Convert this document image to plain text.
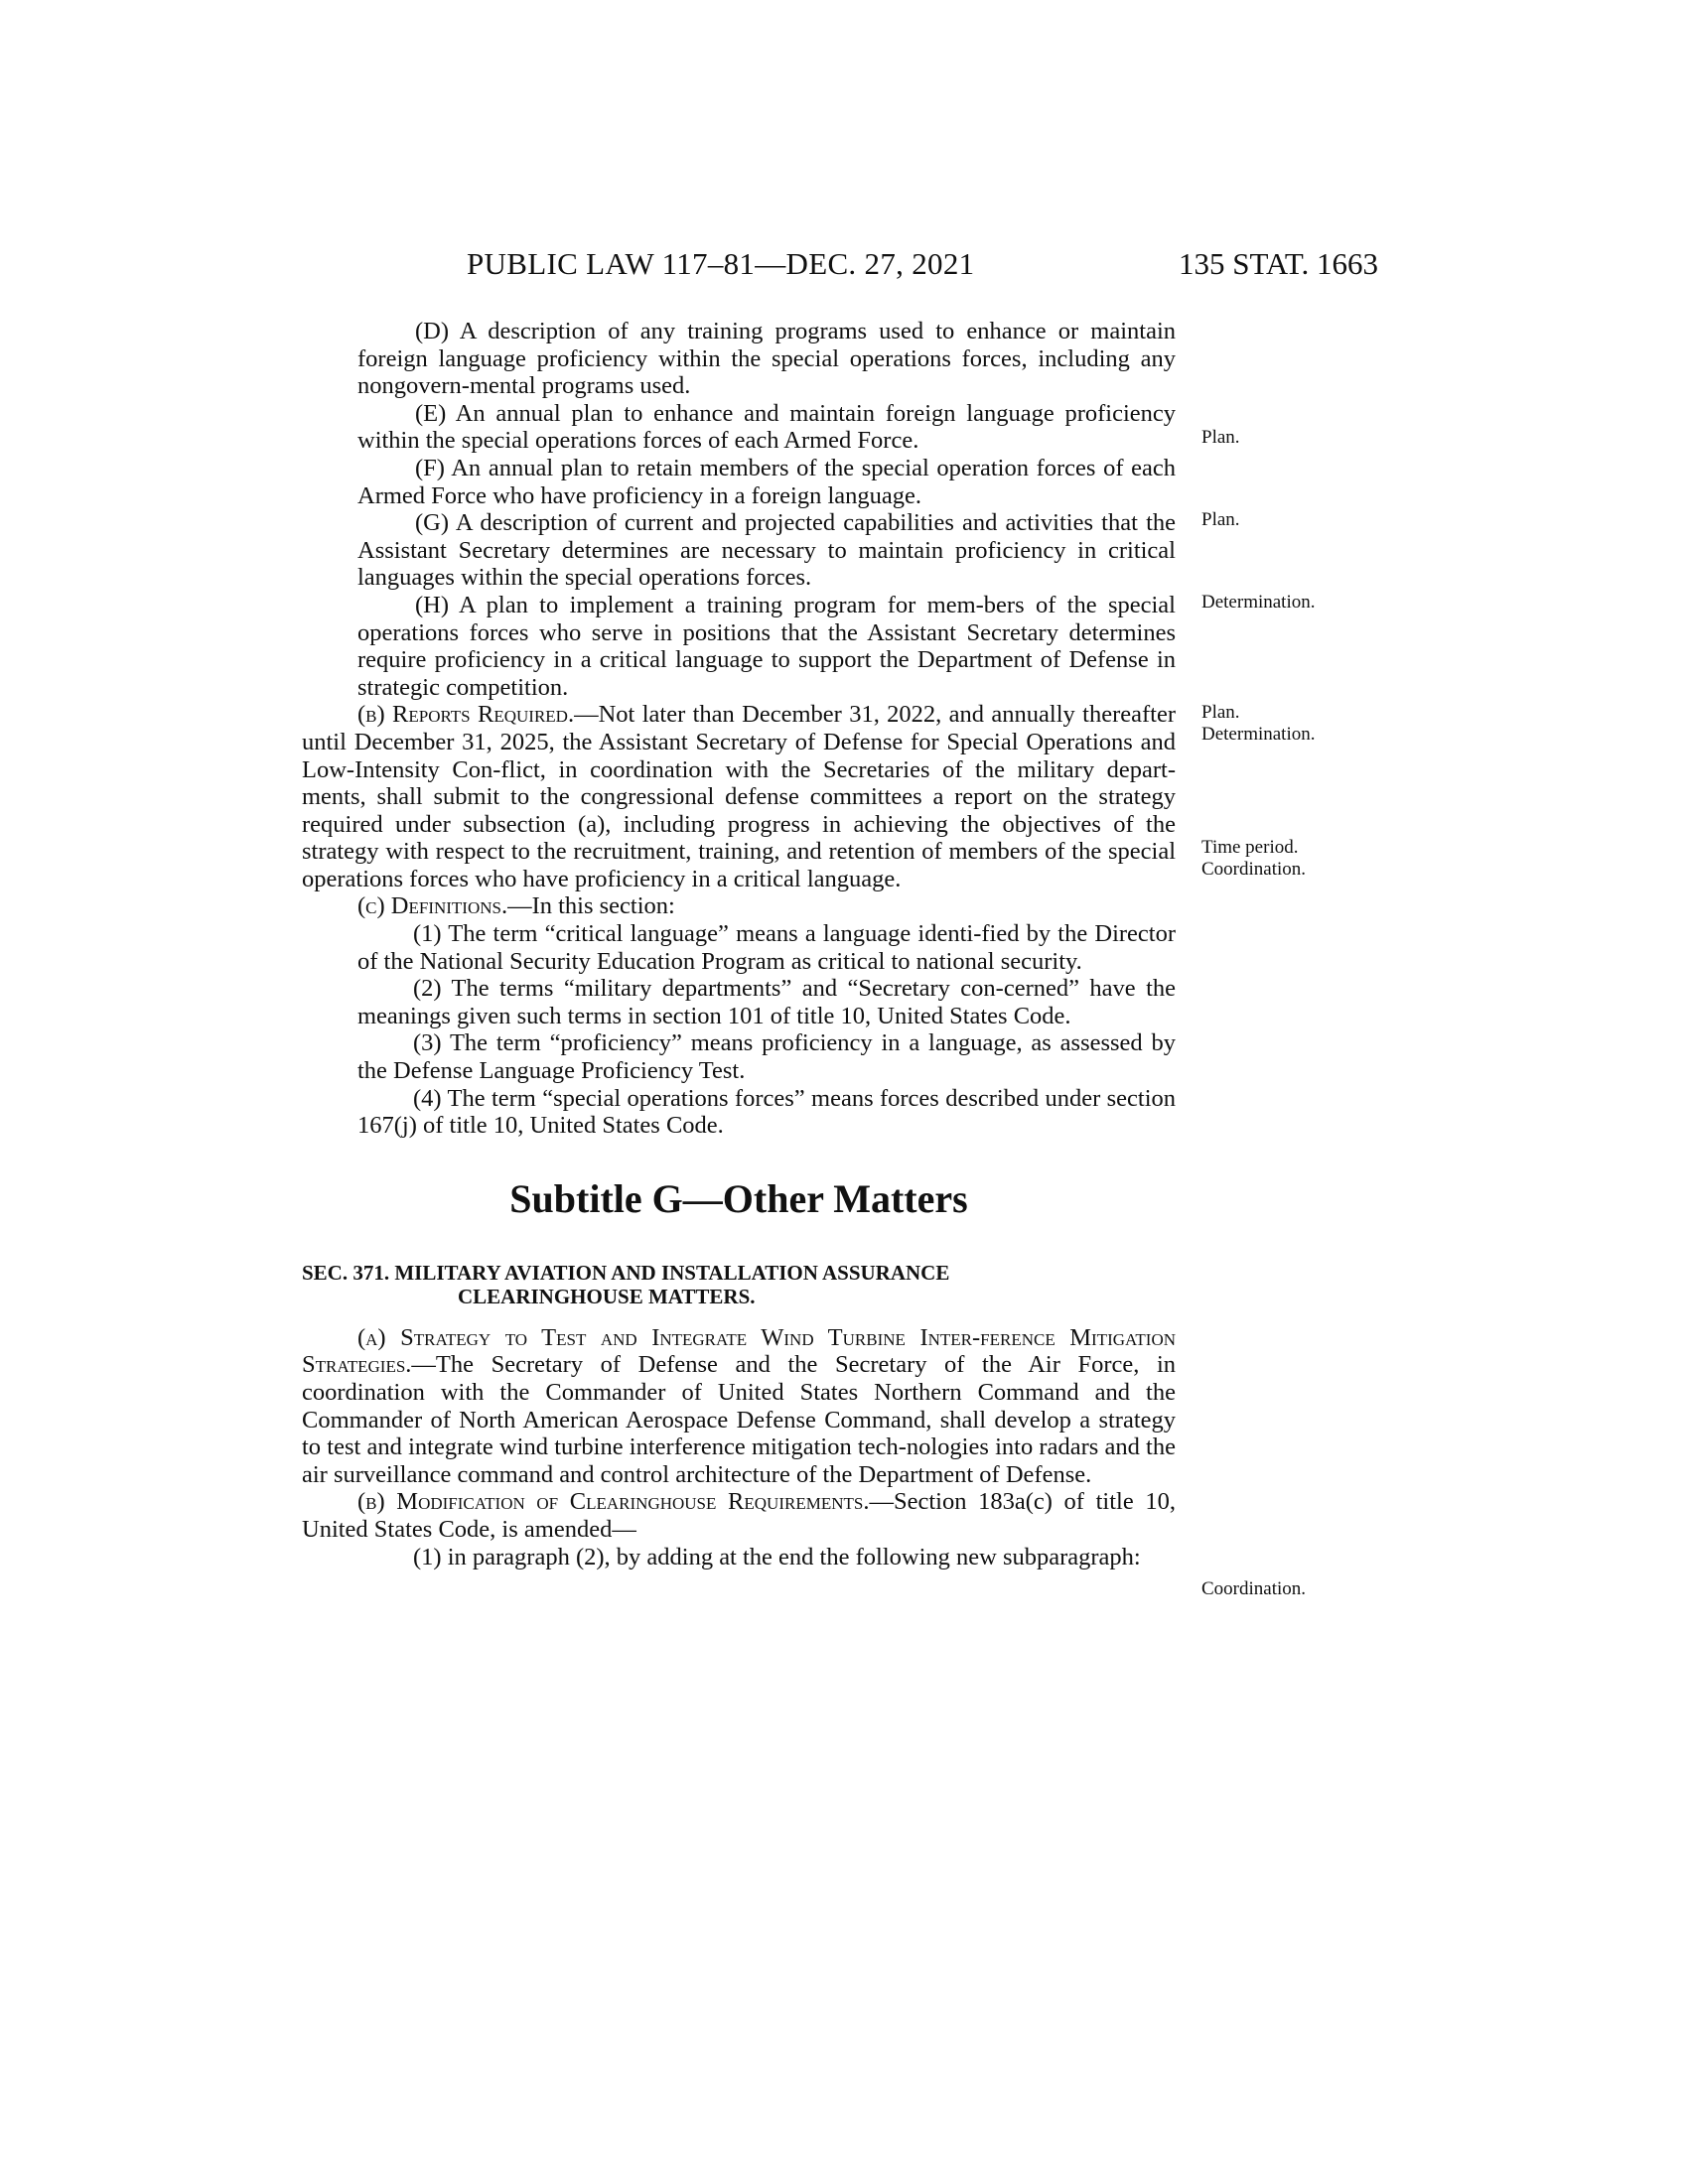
PUBLIC LAW 117–81—DEC. 27, 2021	135 STAT. 1663

(D) A description of any training programs used to enhance or maintain foreign language proficiency within the special operations forces, including any nongovern-mental programs used.

(E) An annual plan to enhance and maintain foreign language proficiency within the special operations forces of each Armed Force.

(F) An annual plan to retain members of the special operation forces of each Armed Force who have proficiency in a foreign language.

(G) A description of current and projected capabilities and activities that the Assistant Secretary determines are necessary to maintain proficiency in critical languages within the special operations forces.

(H) A plan to implement a training program for mem-bers of the special operations forces who serve in positions that the Assistant Secretary determines require proficiency in a critical language to support the Department of Defense in strategic competition.

(b) Reports Required.—Not later than December 31, 2022, and annually thereafter until December 31, 2025, the Assistant Secretary of Defense for Special Operations and Low-Intensity Con-flict, in coordination with the Secretaries of the military depart-ments, shall submit to the congressional defense committees a report on the strategy required under subsection (a), including progress in achieving the objectives of the strategy with respect to the recruitment, training, and retention of members of the special operations forces who have proficiency in a critical language.

(c) Definitions.—In this section:

(1) The term “critical language” means a language identi-fied by the Director of the National Security Education Program as critical to national security.

(2) The terms “military departments” and “Secretary con-cerned” have the meanings given such terms in section 101 of title 10, United States Code.

(3) The term “proficiency” means proficiency in a language, as assessed by the Defense Language Proficiency Test.

(4) The term “special operations forces” means forces described under section 167(j) of title 10, United States Code.

Subtitle G—Other Matters

SEC. 371. MILITARY AVIATION AND INSTALLATION ASSURANCE
CLEARINGHOUSE MATTERS.

(a) Strategy to Test and Integrate Wind Turbine Inter-ference Mitigation Strategies.—The Secretary of Defense and the Secretary of the Air Force, in coordination with the Commander of United States Northern Command and the Commander of North American Aerospace Defense Command, shall develop a strategy to test and integrate wind turbine interference mitigation tech-nologies into radars and the air surveillance command and control architecture of the Department of Defense.

(b) Modification of Clearinghouse Requirements.—Section 183a(c) of title 10, United States Code, is amended—

(1) in paragraph (2), by adding at the end the following new subparagraph:

Plan.
Plan.
Determination.
Plan.
Determination.
Time period.
Coordination.
Coordination.
